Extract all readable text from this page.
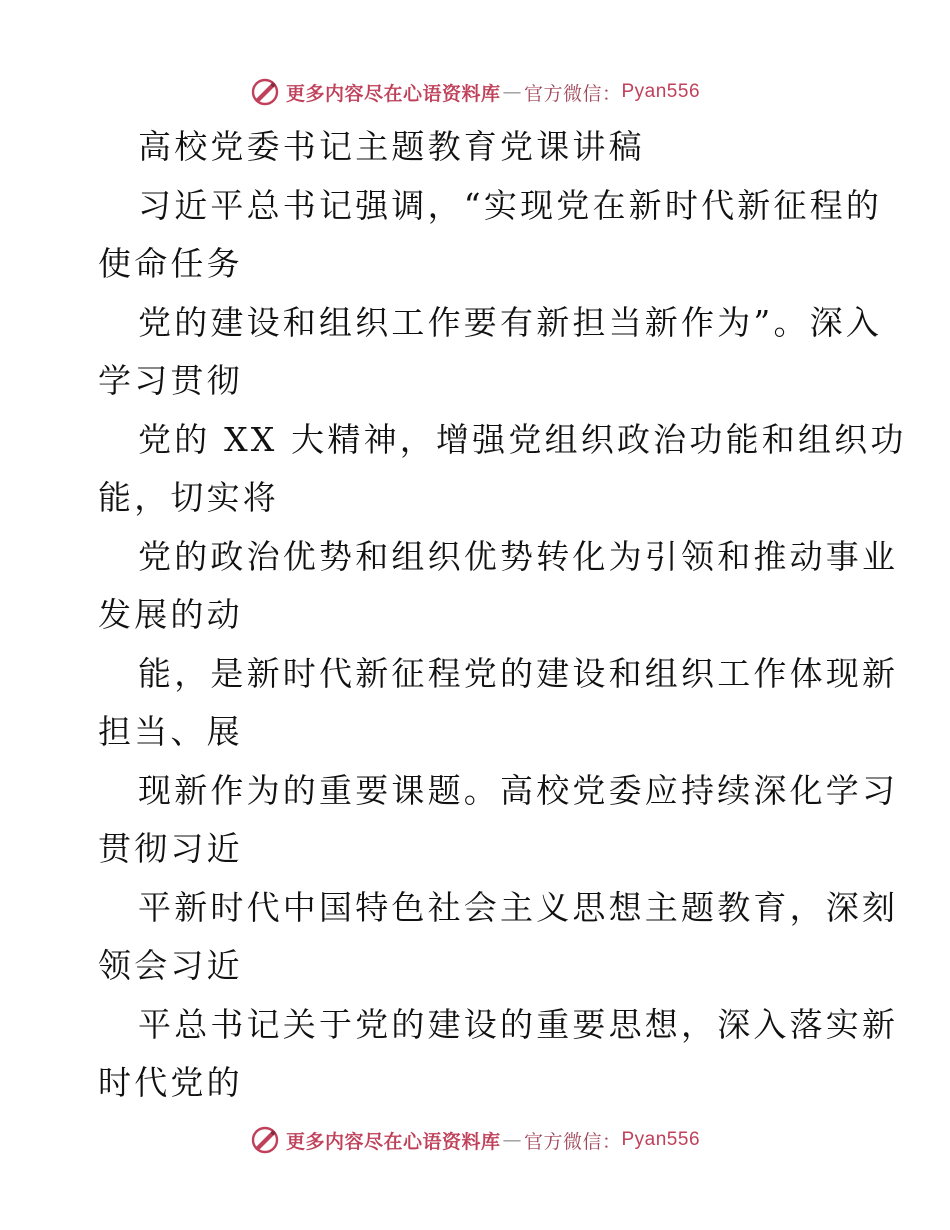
更多内容尽在心语资料库 — 官方微信： Pyan556

高校党委书记主题教育党课讲稿

习近平总书记强调，“实现党在新时代新征程的
使命任务

党的建设和组织工作要有新担当新作为”。深入
学习贯彻

党的 XX 大精神，增强党组织政治功能和组织功
能，切实将

党的政治优势和组织优势转化为引领和推动事业
发展的动

能，是新时代新征程党的建设和组织工作体现新
担当、展

现新作为的重要课题。高校党委应持续深化学习
贯彻习近

平新时代中国特色社会主义思想主题教育，深刻
领会习近

平总书记关于党的建设的重要思想，深入落实新
时代党的

更多内容尽在心语资料库 — 官方微信： Pyan556
